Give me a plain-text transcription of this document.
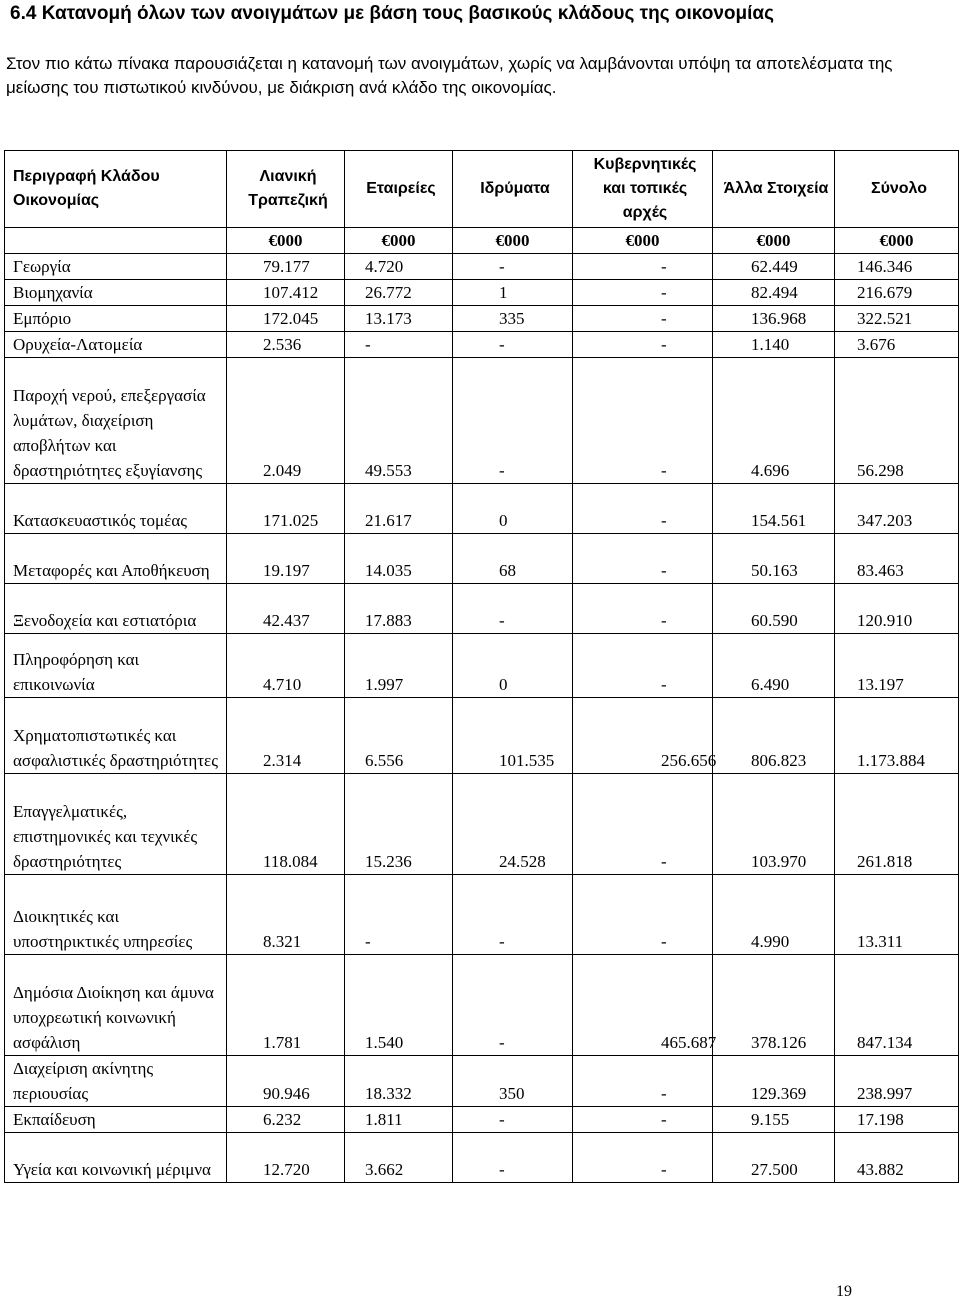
6.4 Κατανομή όλων των ανοιγμάτων με βάση τους βασικούς κλάδους της οικονομίας
Στον πιο κάτω πίνακα παρουσιάζεται η κατανομή των ανοιγμάτων, χωρίς να λαμβάνονται υπόψη τα αποτελέσματα της μείωσης του πιστωτικού κινδύνου, με διάκριση ανά κλάδο της οικονομίας.
Περιγραφή Κλάδου Οικονομίας	Λιανική Τραπεζική	Εταιρείες	Ιδρύματα	Κυβερνητικές και τοπικές αρχές	Άλλα Στοιχεία	Σύνολο
	€000	€000	€000	€000	€000	€000
Γεωργία	79.177	4.720	-	-	62.449	146.346
Βιομηχανία	107.412	26.772	1	-	82.494	216.679
Εμπόριο	172.045	13.173	335	-	136.968	322.521
Ορυχεία-Λατομεία	2.536	-	-	-	1.140	3.676
Παροχή νερού, επεξεργασία λυμάτων, διαχείριση αποβλήτων και δραστηριότητες εξυγίανσης	2.049	49.553	-	-	4.696	56.298
Κατασκευαστικός τομέας	171.025	21.617	0	-	154.561	347.203
Μεταφορές και Αποθήκευση	19.197	14.035	68	-	50.163	83.463
Ξενοδοχεία και εστιατόρια	42.437	17.883	-	-	60.590	120.910
Πληροφόρηση και επικοινωνία	4.710	1.997	0	-	6.490	13.197
Χρηματοπιστωτικές και ασφαλιστικές δραστηριότητες	2.314	6.556	101.535	256.656	806.823	1.173.884
Επαγγελματικές, επιστημονικές και τεχνικές δραστηριότητες	118.084	15.236	24.528	-	103.970	261.818
Διοικητικές και υποστηρικτικές υπηρεσίες	8.321	-	-	-	4.990	13.311
Δημόσια Διοίκηση και άμυνα υποχρεωτική κοινωνική ασφάλιση	1.781	1.540	-	465.687	378.126	847.134
Διαχείριση ακίνητης περιουσίας	90.946	18.332	350	-	129.369	238.997
Εκπαίδευση	6.232	1.811	-	-	9.155	17.198
Υγεία και κοινωνική μέριμνα	12.720	3.662	-	-	27.500	43.882
19
